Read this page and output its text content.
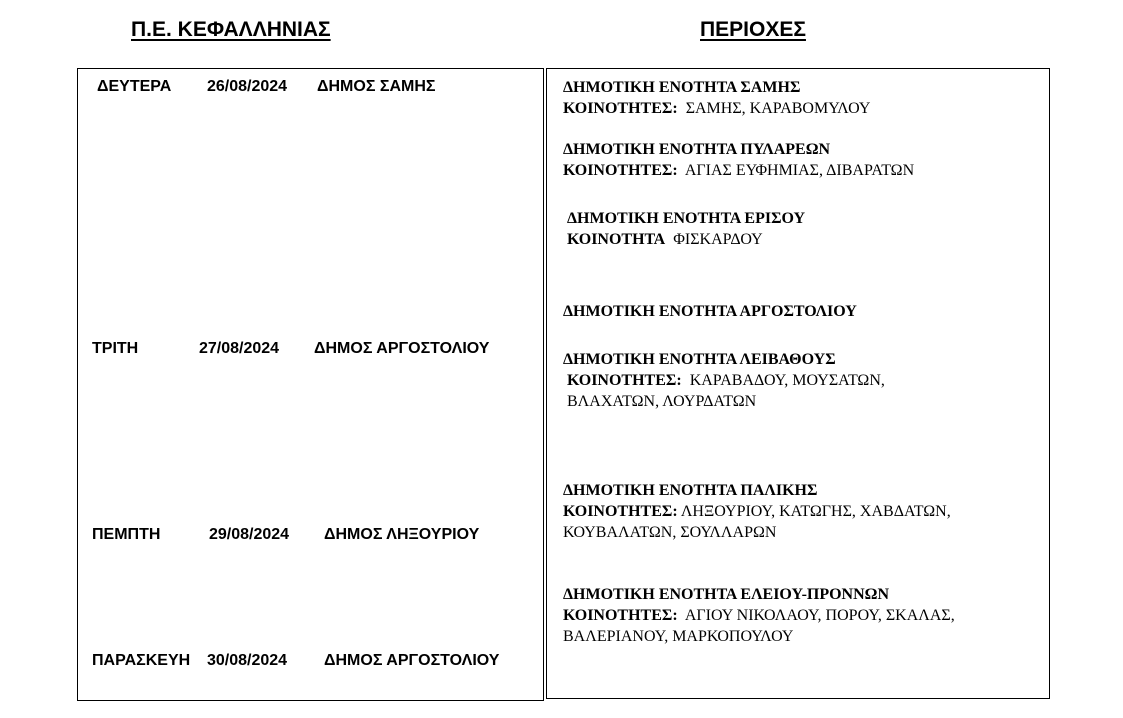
Π.Ε. ΚΕΦΑΛΛΗΝΙΑΣ	ΠΕΡΙΟΧΕΣ
ΔΕΥΤΕΡΑ 26/08/2024 ΔΗΜΟΣ ΣΑΜΗΣ
ΤΡΙΤΗ	27/08/2024 ΔΗΜΟΣ ΑΡΓΟΣΤΟΛΙΟΥ
ΠΕΜΠΤΗ	29/08/2024 ΔΗΜΟΣ ΛΗΞΟΥΡΙΟΥ
ΠΑΡΑΣΚΕΥΗ 30/08/2024 ΔΗΜΟΣ ΑΡΓΟΣΤΟΛΙΟΥ
ΔΗΜΟΤΙΚΗ ΕΝΟΤΗΤΑ ΣΑΜΗΣ
ΚΟΙΝΟΤΗΤΕΣ: ΣΑΜΗΣ, ΚΑΡΑΒΟΜΥΛΟΥ
ΔΗΜΟΤΙΚΗ ΕΝΟΤΗΤΑ ΠΥΛΑΡΕΩΝ
ΚΟΙΝΟΤΗΤΕΣ: ΑΓΙΑΣ ΕΥΦΗΜΙΑΣ, ΔΙΒΑΡΑΤΩΝ
ΔΗΜΟΤΙΚΗ ΕΝΟΤΗΤΑ ΕΡΙΣΟΥ
ΚΟΙΝΟΤΗΤΑ ΦΙΣΚΑΡΔΟΥ
ΔΗΜΟΤΙΚΗ ΕΝΟΤΗΤΑ ΑΡΓΟΣΤΟΛΙΟΥ
ΔΗΜΟΤΙΚΗ ΕΝΟΤΗΤΑ ΛΕΙΒΑΘΟΥΣ
ΚΟΙΝΟΤΗΤΕΣ: ΚΑΡΑΒΑΔΟΥ, ΜΟΥΣΑΤΩΝ,
ΒΛΑΧΑΤΩΝ, ΛΟΥΡΔΑΤΩΝ
ΔΗΜΟΤΙΚΗ ΕΝΟΤΗΤΑ ΠΑΛΙΚΗΣ
ΚΟΙΝΟΤΗΤΕΣ: ΛΗΞΟΥΡΙΟΥ, ΚΑΤΩΓΗΣ, ΧΑΒΔΑΤΩΝ,
ΚΟΥΒΑΛΑΤΩΝ, ΣΟΥΛΛΑΡΩΝ
ΔΗΜΟΤΙΚΗ ΕΝΟΤΗΤΑ ΕΛΕΙΟΥ-ΠΡΟΝΝΩΝ
ΚΟΙΝΟΤΗΤΕΣ: ΑΓΙΟΥ ΝΙΚΟΛΑΟΥ, ΠΟΡΟΥ, ΣΚΑΛΑΣ,
ΒΑΛΕΡΙΑΝΟΥ, ΜΑΡΚΟΠΟΥΛΟΥ
